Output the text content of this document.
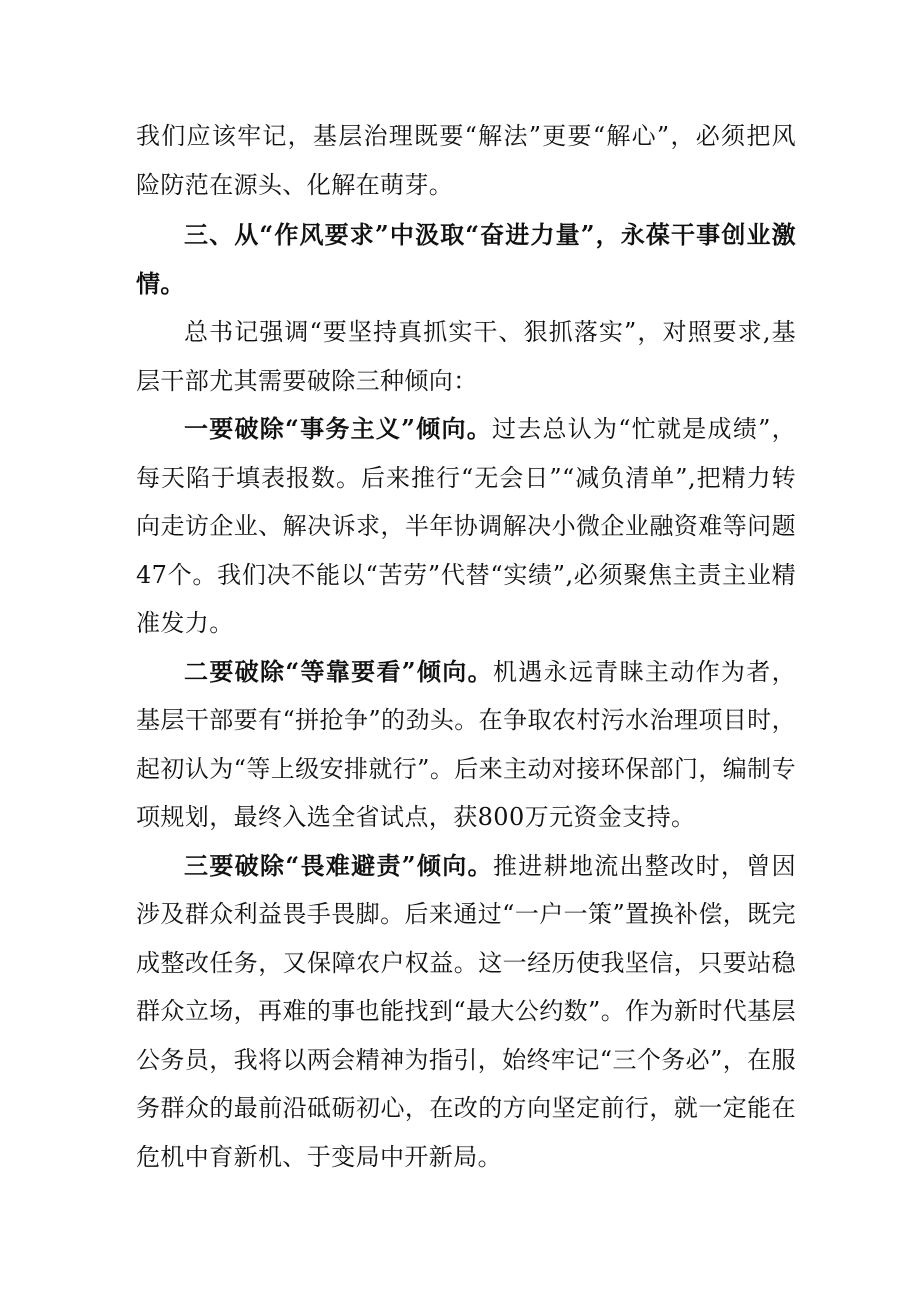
我们应该牢记，基层治理既要“解法”更要“解心”，必须把风险防范在源头、化解在萌芽。

三、从“作风要求”中汲取“奋进力量”，永葆干事创业激情。

总书记强调“要坚持真抓实干、狠抓落实”，对照要求,基层干部尤其需要破除三种倾向：

一要破除“事务主义”倾向。过去总认为“忙就是成绩”，每天陷于填表报数。后来推行“无会日”“减负清单”,把精力转向走访企业、解决诉求，半年协调解决小微企业融资难等问题47个。我们决不能以“苦劳”代替“实绩”,必须聚焦主责主业精准发力。

二要破除“等靠要看”倾向。机遇永远青睐主动作为者，基层干部要有“拼抢争”的劲头。在争取农村污水治理项目时，起初认为“等上级安排就行”。后来主动对接环保部门，编制专项规划，最终入选全省试点，获800万元资金支持。

三要破除“畏难避责”倾向。推进耕地流出整改时，曾因涉及群众利益畏手畏脚。后来通过“一户一策”置换补偿，既完成整改任务，又保障农户权益。这一经历使我坚信，只要站稳群众立场，再难的事也能找到“最大公约数”。作为新时代基层公务员，我将以两会精神为指引，始终牢记“三个务必”，在服务群众的最前沿砥砺初心，在改的方向坚定前行，就一定能在危机中育新机、于变局中开新局。
